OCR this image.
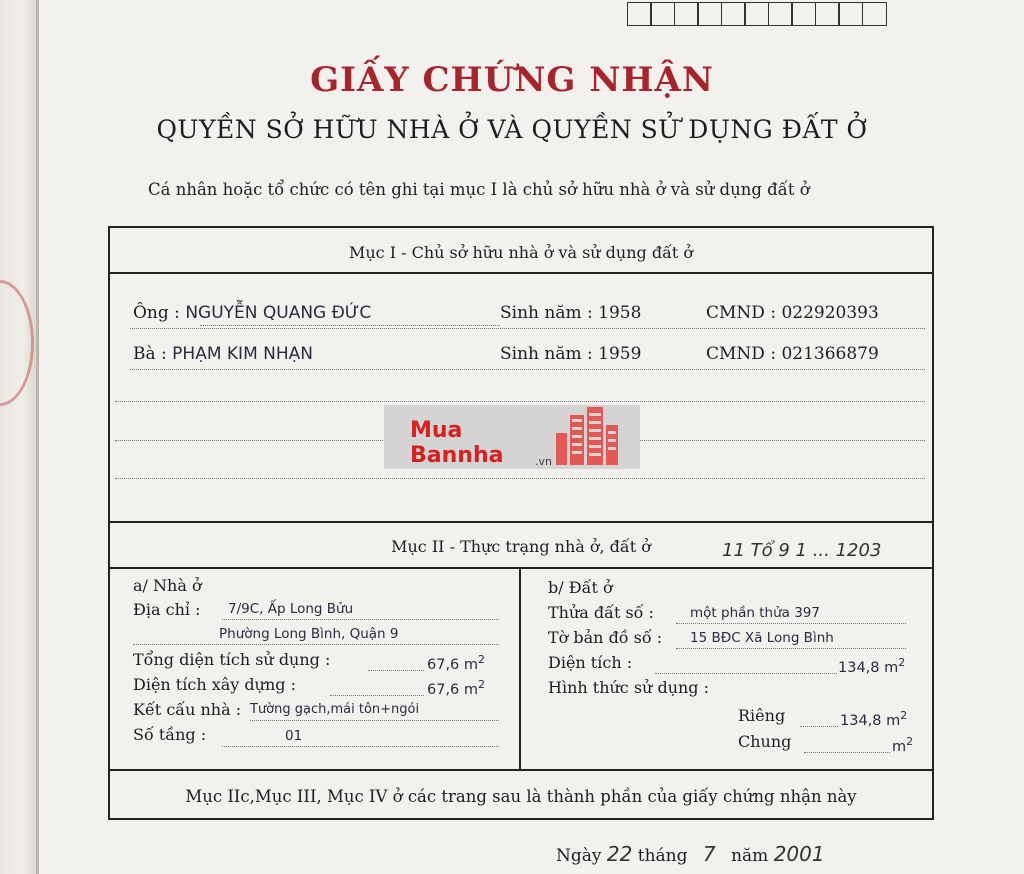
GIẤY CHỨNG NHẬN
QUYỀN SỞ HỮU NHÀ Ở VÀ QUYỀN SỬ DỤNG ĐẤT Ở
Cá nhân hoặc tổ chức có tên ghi tại mục I là chủ sở hữu nhà ở và sử dụng đất ở
Mục I - Chủ sở hữu nhà ở và sử dụng đất ở
Ông : NGUYỄN QUANG ĐỨC	Sinh năm : 1958	CMND : 022920393
Bà : PHẠM KIM NHẠN	Sinh năm : 1959	CMND : 021366879
Mua
Bannha	.vn
Mục II - Thực trạng nhà ở, đất ở	11 Tổ 9 1 ... 1203
a/ Nhà ở
Địa chỉ : 7/9C, Ấp Long Bửu
Phường Long Bình, Quận 9
Tổng diện tích sử dụng :	67,6 $m^2$
Diện tích xây dựng :	67,6 $m^2$
Kết cấu nhà : Tường gạch,mái tôn+ngói
Số tầng :	01
b/ Đất ở
Thửa đất số :	một phần thửa 397
Tờ bản đồ số : 15 BĐC Xã Long Bình
Diện tích :	134,8 $m^2$
Hình thức sử dụng :
Riêng	134,8 $m^2$
Chung	$m^2$
Mục IIc,Mục III, Mục IV ở các trang sau là thành phần của giấy chứng nhận này
Ngày 22 tháng 7 năm 2001
